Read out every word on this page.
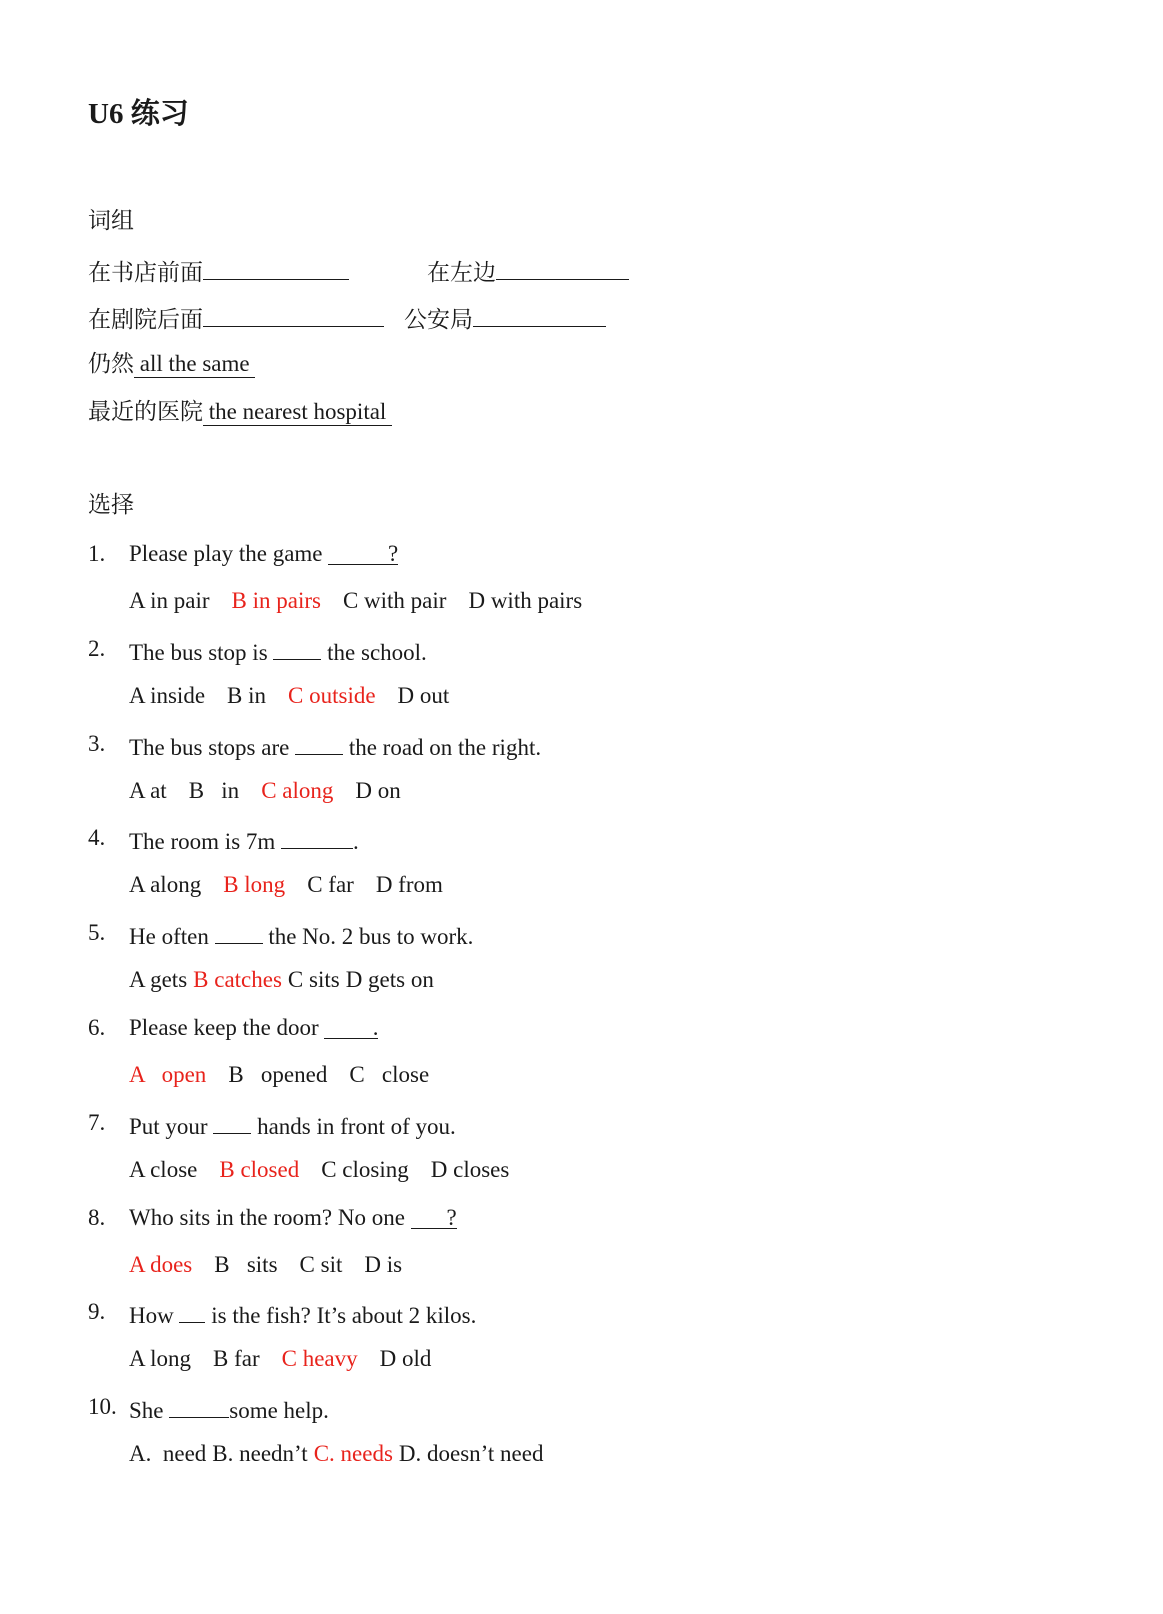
U6 练习
词组
在书店前面	在左边
在剧院后面	公安局
仍然 all the same
最近的医院 the nearest hospital
选择
1. Please play the game	?
A in pair B in pairs C with pair D with pairs
2. The bus stop is  the school.
A inside B in C outside D out
3. The bus stops are  the road on the right.
A at B   in C along D on
4. The room is 7m	.
A along B long C far D from
5. He often  the No. 2 bus to work.
A gets B catches C sits D gets on
6. Please keep the door .
A   open B   opened C   close
7. Put your  hands in front of you.
A close B closed C closing D closes
8. Who sits in the room? No one ?
A does B   sits C sit D is
9. How  is the fish? It’s about 2 kilos.
A long B far C heavy D old
10. She	some help.
A.  need B. needn’t C. needs D. doesn’t need
